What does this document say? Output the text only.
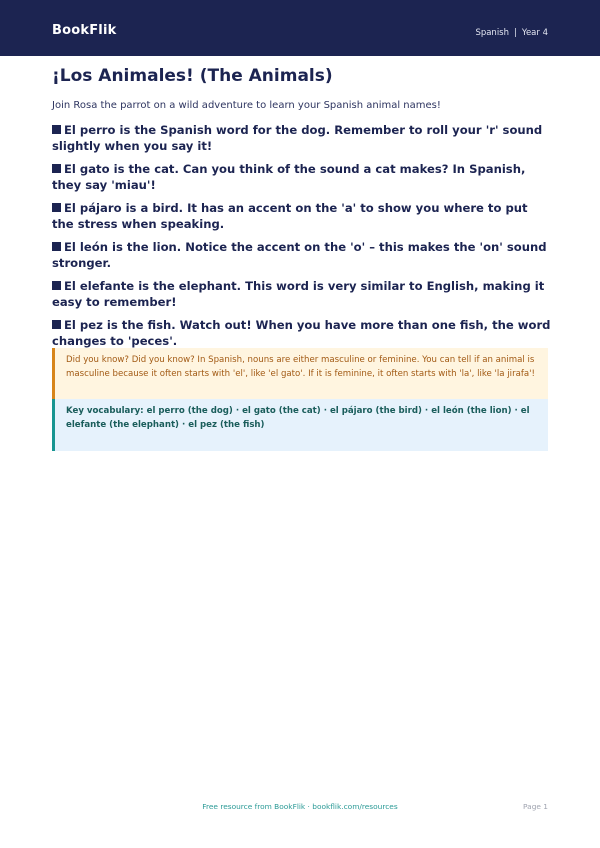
BookFlik	Spanish | Year 4
¡Los Animales! (The Animals)

Join Rosa the parrot on a wild adventure to learn your Spanish animal names!

El perro is the Spanish word for the dog. Remember to roll your 'r' sound slightly when you say it!
El gato is the cat. Can you think of the sound a cat makes? In Spanish, they say 'miau'!
El pájaro is a bird. It has an accent on the 'a' to show you where to put the stress when speaking.
El león is the lion. Notice the accent on the 'o' – this makes the 'on' sound stronger.
El elefante is the elephant. This word is very similar to English, making it easy to remember!
El pez is the fish. Watch out! When you have more than one fish, the word changes to 'peces'.
Did you know? Did you know? In Spanish, nouns are either masculine or feminine. You can tell if an animal is masculine because it often starts with 'el', like 'el gato'. If it is feminine, it often starts with 'la', like 'la jirafa'!
Key vocabulary: el perro (the dog) · el gato (the cat) · el pájaro (the bird) · el león (the lion) · el elefante (the elephant) · el pez (the fish)
Free resource from BookFlik · bookflik.com/resources	Page 1
